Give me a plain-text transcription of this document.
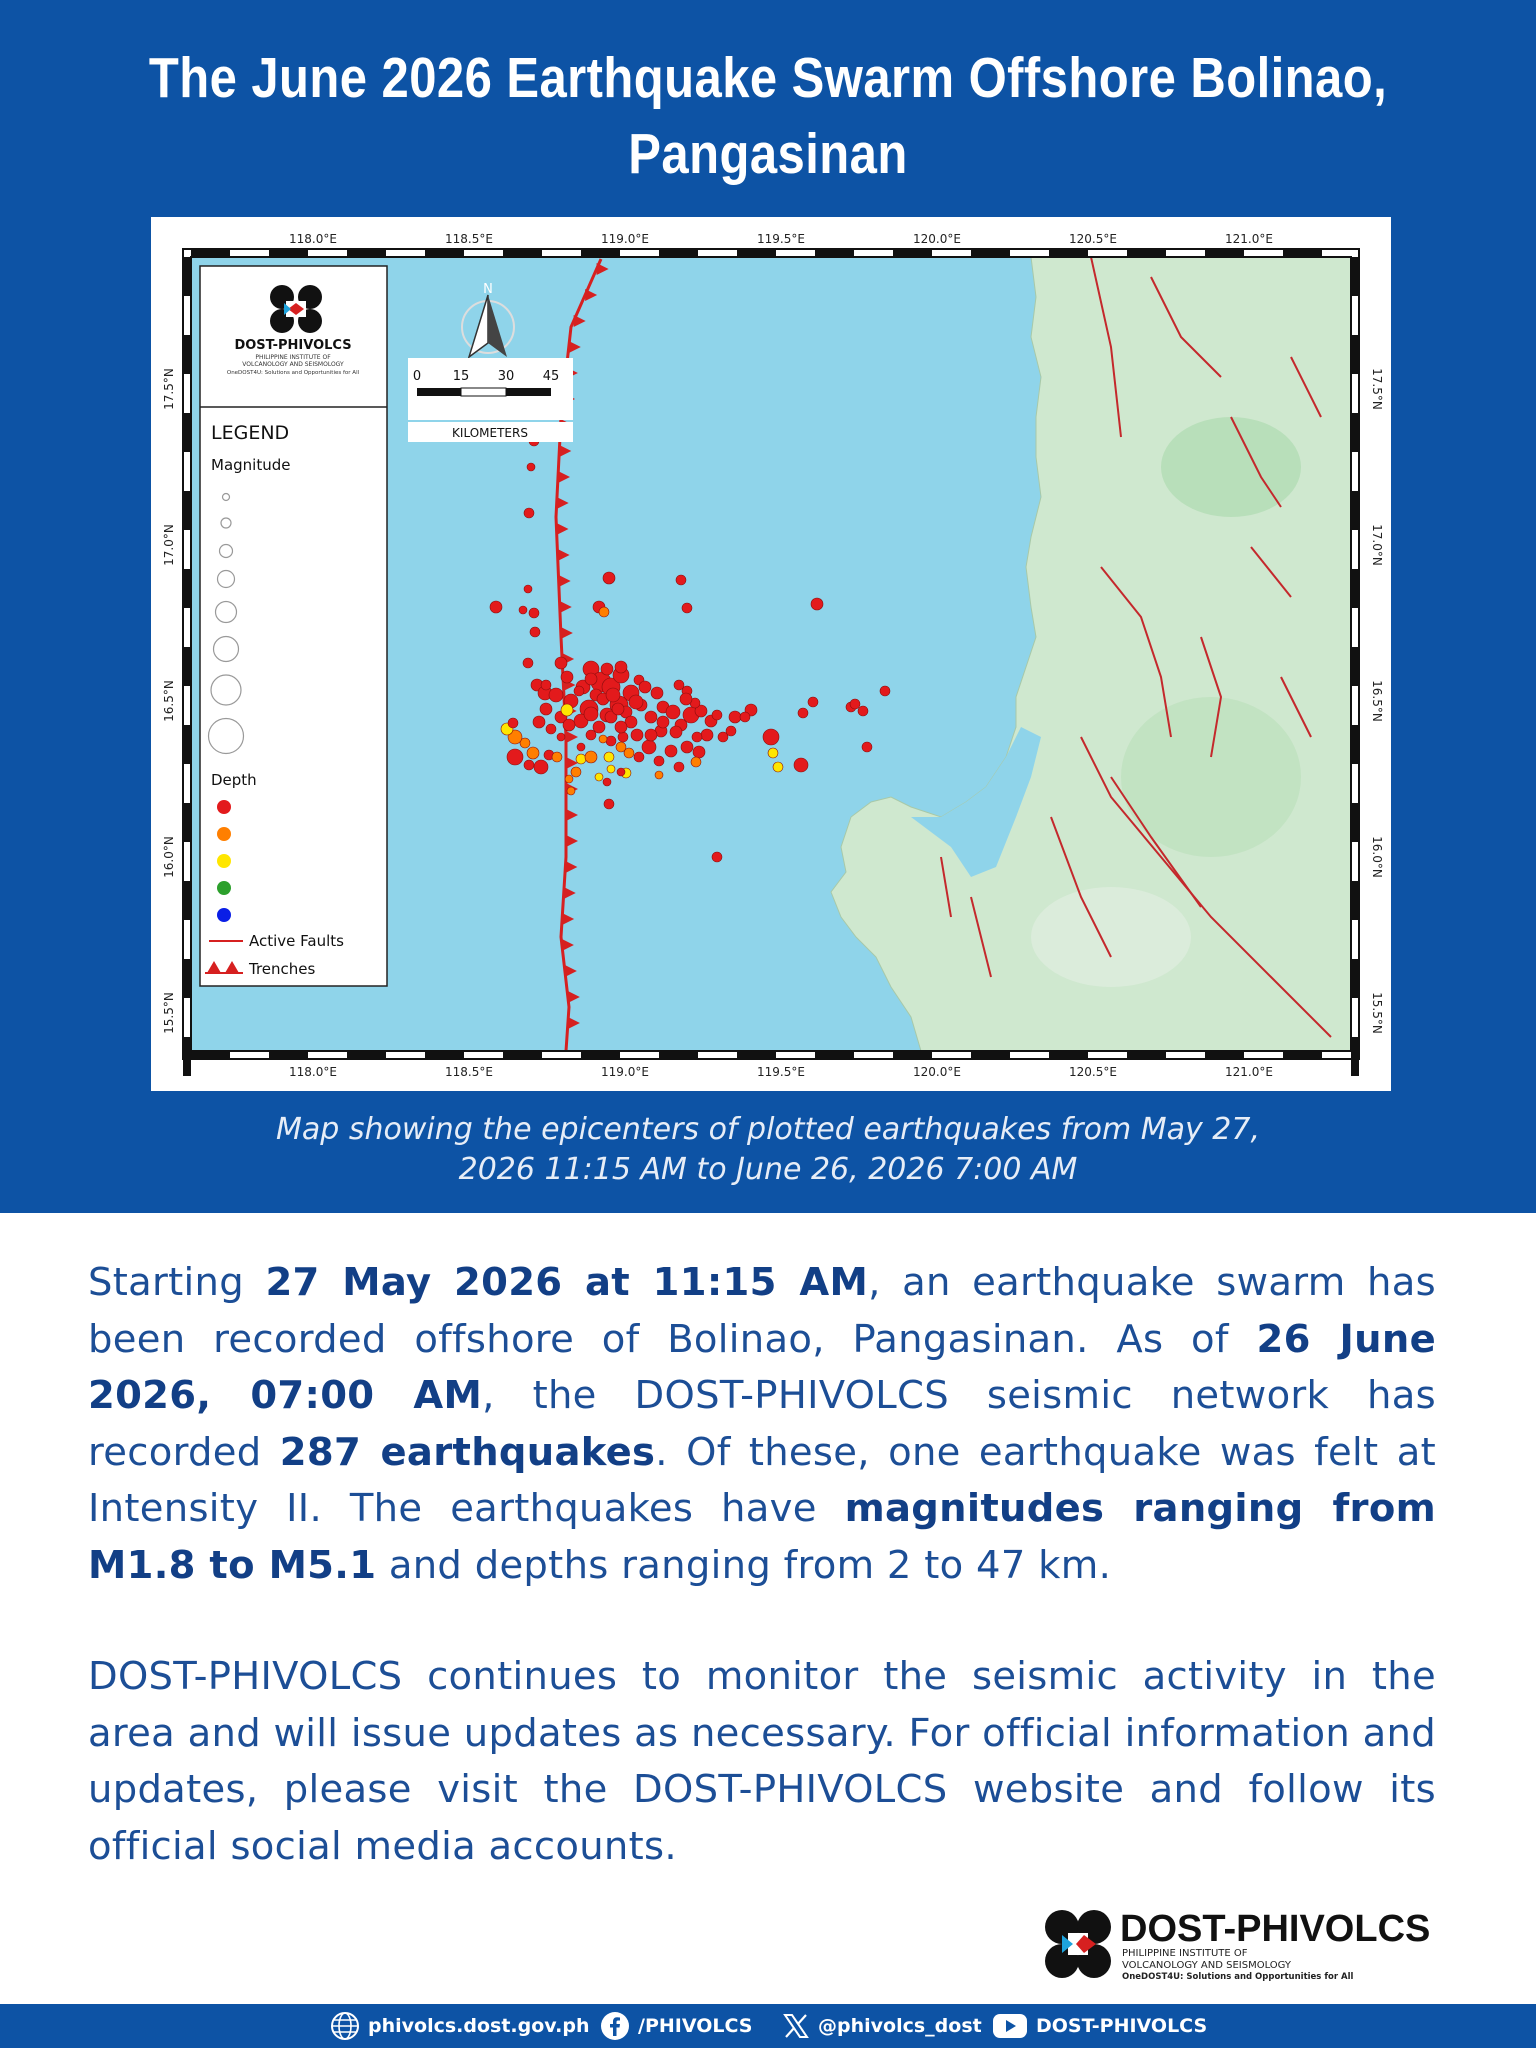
The June 2026 Earthquake Swarm Offshore Bolinao,
Pangasinan
118.0°E	118.5°E	119.0°E	119.5°E	120.0°E	120.5°E	121.0°E
118.0°E	118.5°E	119.0°E	119.5°E	120.0°E	120.5°E	121.0°E
17.5°N
17.0°N
16.5°N
16.0°N
15.5°N
17.5°N
17.0°N
16.5°N
16.0°N
15.5°N
N
0 15 30 45
KILOMETERS
DOST-PHIVOLCS
PHILIPPINE INSTITUTE OF
VOLCANOLOGY AND SEISMOLOGY
OneDOST4U: Solutions and Opportunities for All
LEGEND
Magnitude
Depth
Active Faults
Trenches
Map showing the epicenters of plotted earthquakes from May 27,
2026 11:15 AM to June 26, 2026 7:00 AM
Starting 27 May 2026 at 11:15 AM, an earthquake swarm has been recorded offshore of Bolinao, Pangasinan. As of 26 June 2026, 07:00 AM, the DOST-PHIVOLCS seismic network has recorded 287 earthquakes. Of these, one earthquake was felt at Intensity II. The earthquakes have magnitudes ranging from M1.8 to M5.1 and depths ranging from 2 to 47 km.
DOST-PHIVOLCS continues to monitor the seismic activity in the area and will issue updates as necessary. For official information and updates, please visit the DOST-PHIVOLCS website and follow its official social media accounts.
DOST-PHIVOLCS
PHILIPPINE INSTITUTE OF
VOLCANOLOGY AND SEISMOLOGY
OneDOST4U: Solutions and Opportunities for All
phivolcs.dost.gov.ph	/PHIVOLCS	@phivolcs_dost	DOST-PHIVOLCS
